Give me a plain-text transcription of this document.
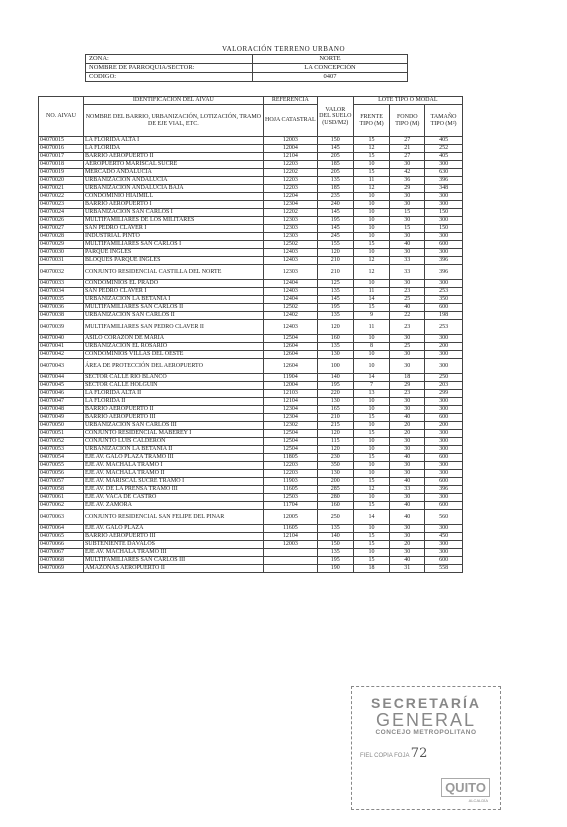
VALORACIÓN TERRENO URBANO
ZONA:	NORTE
NOMBRE DE PARROQUIA/SECTOR:	LA CONCEPCIÓN
CODIGO:	0407
NO. AIVAU	IDENTIFICACION DEL AIVAU	REFERENCIA	VALOR DEL SUELO (USD/M2)	LOTE TIPO O MODAL		
	NOMBRE DEL BARRIO, URBANIZACIÓN, LOTIZACIÓN, TRAMO DE EJE VIAL, ETC.	HOJA CATASTRAL		FRENTE TIPO (M)	FONDO TIPO (M)	TAMAÑO TIPO (M²)
04070015	LA FLORIDA ALTA I	12003	150	15	27	405
04070016	LA FLORIDA	12004	145	12	21	252
04070017	BARRIO AEROPUERTO II	12104	205	15	27	405
04070018	AEROPUERTO MARISCAL SUCRE	12203	185	10	30	300
04070019	MERCADO ANDALUCIA	12202	205	15	42	630
04070020	URBANIZACION ANDALUCIA	12203	135	11	36	396
04070021	URBANIZACION ANDALUCIA BAJA	12203	185	12	29	348
04070022	CONDOMINIO HIAIMILL	12204	235	10	30	300
04070023	BARRIO AEROPUERTO I	12304	240	10	30	300
04070024	URBANIZACION SAN CARLOS I	12202	145	10	15	150
04070026	MULTIFAMILIARES DE LOS MILITARES	12303	195	10	30	300
04070027	SAN PEDRO CLAVER I	12303	145	10	15	150
04070028	INDUSTRIAL PINTO	12303	245	10	30	300
04070029	MULTIFAMILIARES SAN CARLOS I	12502	155	15	40	600
04070030	PARQUE INGLES	12403	120	10	30	300
04070031	BLOQUES PARQUE INGLES	12403	210	12	33	396
04070032	CONJUNTO RESIDENCIAL CASTILLA DEL NORTE	12303	210	12	33	396
04070033	CONDOMINIOS EL PRADO	12404	125	10	30	300
04070034	SAN PEDRO CLAVER I	12403	135	11	23	253
04070035	URBANIZACIÓN LA BETANIA I	12404	145	14	25	350
04070036	MULTIFAMILIARES SAN CARLOS II	12502	195	15	40	600
04070038	URBANIZACIÓN SAN CARLOS II	12402	135	9	22	198
04070039	MULTIFAMILIARES SAN PEDRO CLAVER II	12403	120	11	23	253
04070040	ASILO CORAZÓN DE MARÍA	12504	160	10	30	300
04070041	URBANIZACIÓN EL ROSARIO	12604	135	8	25	200
04070042	CONDOMINIOS VILLAS DEL OESTE	12604	130	10	30	300
04070043	ÁREA DE PROTECCIÓN DEL AEROPUERTO	12604	100	10	30	300
04070044	SECTOR CALLE RÍO BLANCO	11904	140	14	18	250
04070045	SECTOR CALLE HOLGUÍN	12004	195	7	29	203
04070046	LA FLORIDA ALTA II	12103	220	13	23	299
04070047	LA FLORIDA II	12104	130	10	30	300
04070048	BARRIO AEROPUERTO II	12304	165	10	30	300
04070049	BARRIO AEROPUERTO III	12304	210	15	40	600
04070050	URBANIZACIÓN SAN CARLOS III	12302	215	10	20	200
04070051	CONJUNTO RESIDENCIAL MABEREY I	12504	120	15	20	300
04070052	CONJUNTO LUIS CALDERÓN	12504	115	10	30	300
04070053	URBANIZACIÓN LA BETANIA II	12504	120	10	30	300
04070054	EJE AV. GALO PLAZA TRAMO III	11805	230	15	40	600
04070055	EJE AV. MACHALA TRAMO I	12203	350	10	30	300
04070056	EJE AV. MACHALA TRAMO II	12203	130	10	30	300
04070057	EJE AV. MARISCAL SUCRE TRAMO I	11903	200	15	40	600
04070058	EJE AV. DE LA PRENSA TRAMO III	11605	285	12	33	396
04070061	EJE AV. VACA DE CASTRO	12503	280	10	30	300
04070062	EJE AV. ZAMORA	11704	160	15	40	600
04070063	CONJUNTO RESIDENCIAL SAN FELIPE DEL PINAR	12005	250	14	40	560
04070064	EJE AV. GALO PLAZA	11605	135	10	30	300
04070065	BARRIO AEROPUERTO III	12104	140	15	30	450
04070066	SUBTENIENTE DÁVALOS	12003	150	15	20	300
04070067	EJE AV. MACHALA TRAMO III		135	10	30	300
04070068	MULTIFAMILIARES SAN CARLOS III		195	15	40	600
04070069	AMAZONAS AEROPUERTO II		190	18	31	558
SECRETARÍA
GENERAL
CONCEJO METROPOLITANO
FIEL COPIA FOJA 72
QUITO
ALCALDÍA
